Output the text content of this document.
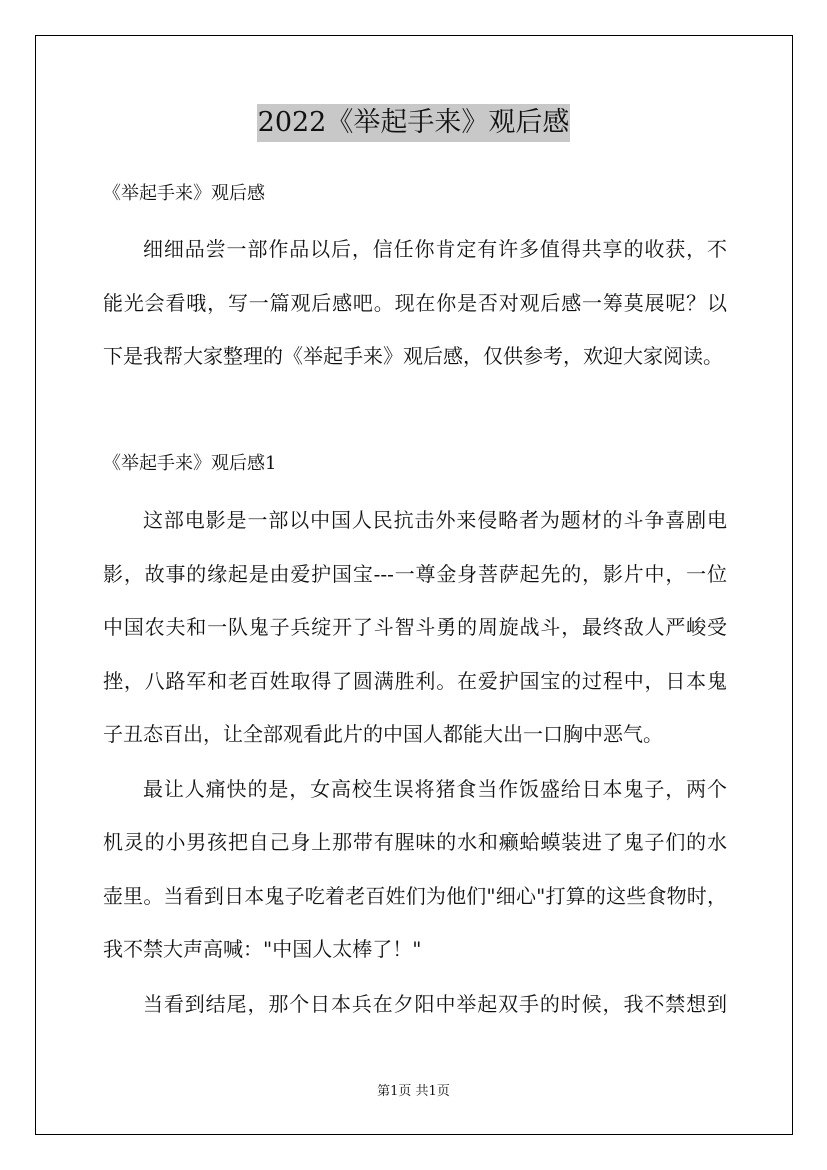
2022《举起手来》观后感
《举起手来》观后感
细细品尝一部作品以后，信任你肯定有许多值得共享的收获，不
能光会看哦，写一篇观后感吧。现在你是否对观后感一筹莫展呢？以
下是我帮大家整理的《举起手来》观后感，仅供参考，欢迎大家阅读。
《举起手来》观后感1
这部电影是一部以中国人民抗击外来侵略者为题材的斗争喜剧电
影，故事的缘起是由爱护国宝---一尊金身菩萨起先的，影片中，一位
中国农夫和一队鬼子兵绽开了斗智斗勇的周旋战斗，最终敌人严峻受
挫，八路军和老百姓取得了圆满胜利。在爱护国宝的过程中，日本鬼
子丑态百出，让全部观看此片的中国人都能大出一口胸中恶气。
最让人痛快的是，女高校生误将猪食当作饭盛给日本鬼子，两个
机灵的小男孩把自己身上那带有腥味的水和癞蛤蟆装进了鬼子们的水
壶里。当看到日本鬼子吃着老百姓们为他们"细心"打算的这些食物时，
我不禁大声高喊："中国人太棒了！"
当看到结尾，那个日本兵在夕阳中举起双手的时候，我不禁想到
第1页 共1页
